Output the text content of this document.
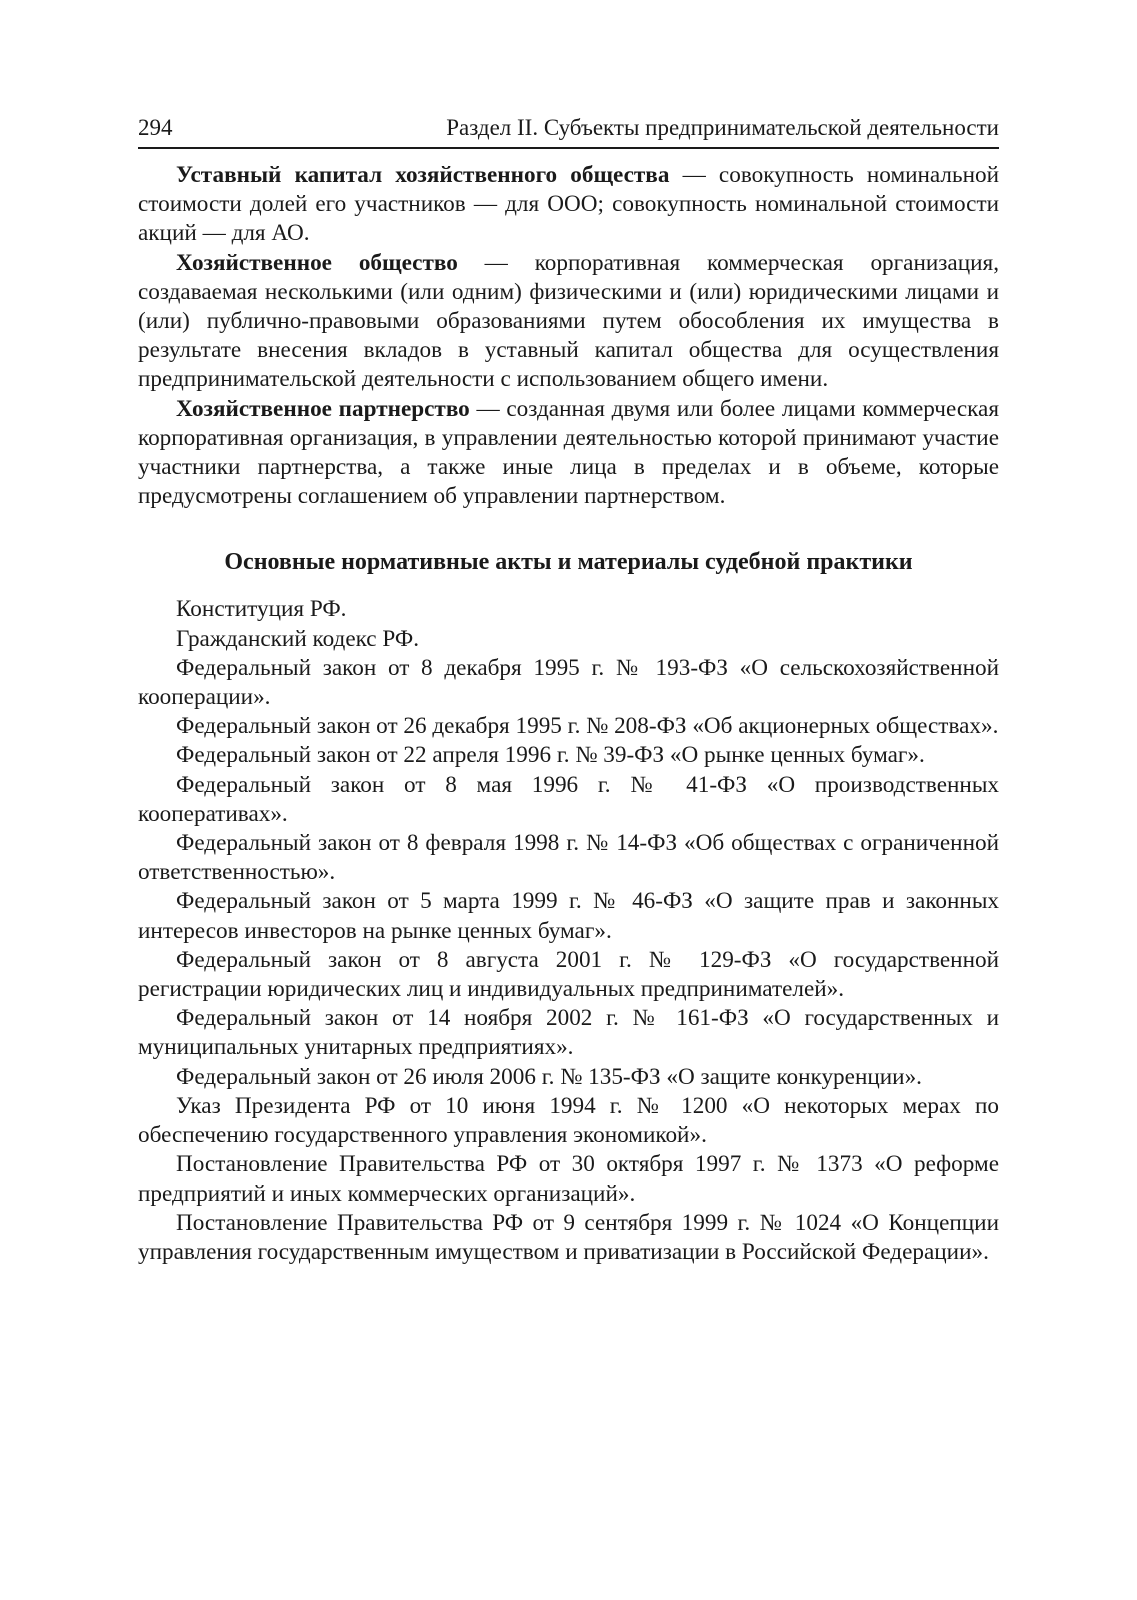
294	Раздел II. Субъекты предпринимательской деятельности

Уставный капитал хозяйственного общества — совокупность номинальной стоимости долей его участников — для ООО; совокупность номинальной стоимости акций — для АО.

Хозяйственное общество — корпоративная коммерческая организация, создаваемая несколькими (или одним) физическими и (или) юридическими лицами и (или) публично-правовыми образованиями путем обособления их имущества в результате внесения вкладов в уставный капитал общества для осуществления предпринимательской деятельности с использованием общего имени.

Хозяйственное партнерство — созданная двумя или более лицами коммерческая корпоративная организация, в управлении деятельностью которой принимают участие участники партнерства, а также иные лица в пределах и в объеме, которые предусмотрены соглашением об управлении партнерством.

Основные нормативные акты и материалы судебной практики

Конституция РФ.

Гражданский кодекс РФ.

Федеральный закон от 8 декабря 1995 г. № 193-ФЗ «О сельскохозяйственной кооперации».

Федеральный закон от 26 декабря 1995 г. № 208-ФЗ «Об акционерных обществах».

Федеральный закон от 22 апреля 1996 г. № 39-ФЗ «О рынке ценных бумаг».

Федеральный закон от 8 мая 1996 г. № 41-ФЗ «О производственных кооперативах».

Федеральный закон от 8 февраля 1998 г. № 14-ФЗ «Об обществах с ограниченной ответственностью».

Федеральный закон от 5 марта 1999 г. № 46-ФЗ «О защите прав и законных интересов инвесторов на рынке ценных бумаг».

Федеральный закон от 8 августа 2001 г. № 129-ФЗ «О государственной регистрации юридических лиц и индивидуальных предпринимателей».

Федеральный закон от 14 ноября 2002 г. № 161-ФЗ «О государственных и муниципальных унитарных предприятиях».

Федеральный закон от 26 июля 2006 г. № 135-ФЗ «О защите конкуренции».

Указ Президента РФ от 10 июня 1994 г. № 1200 «О некоторых мерах по обеспечению государственного управления экономикой».

Постановление Правительства РФ от 30 октября 1997 г. № 1373 «О реформе предприятий и иных коммерческих организаций».

Постановление Правительства РФ от 9 сентября 1999 г. № 1024 «О Концепции управления государственным имуществом и приватизации в Российской Федерации».
